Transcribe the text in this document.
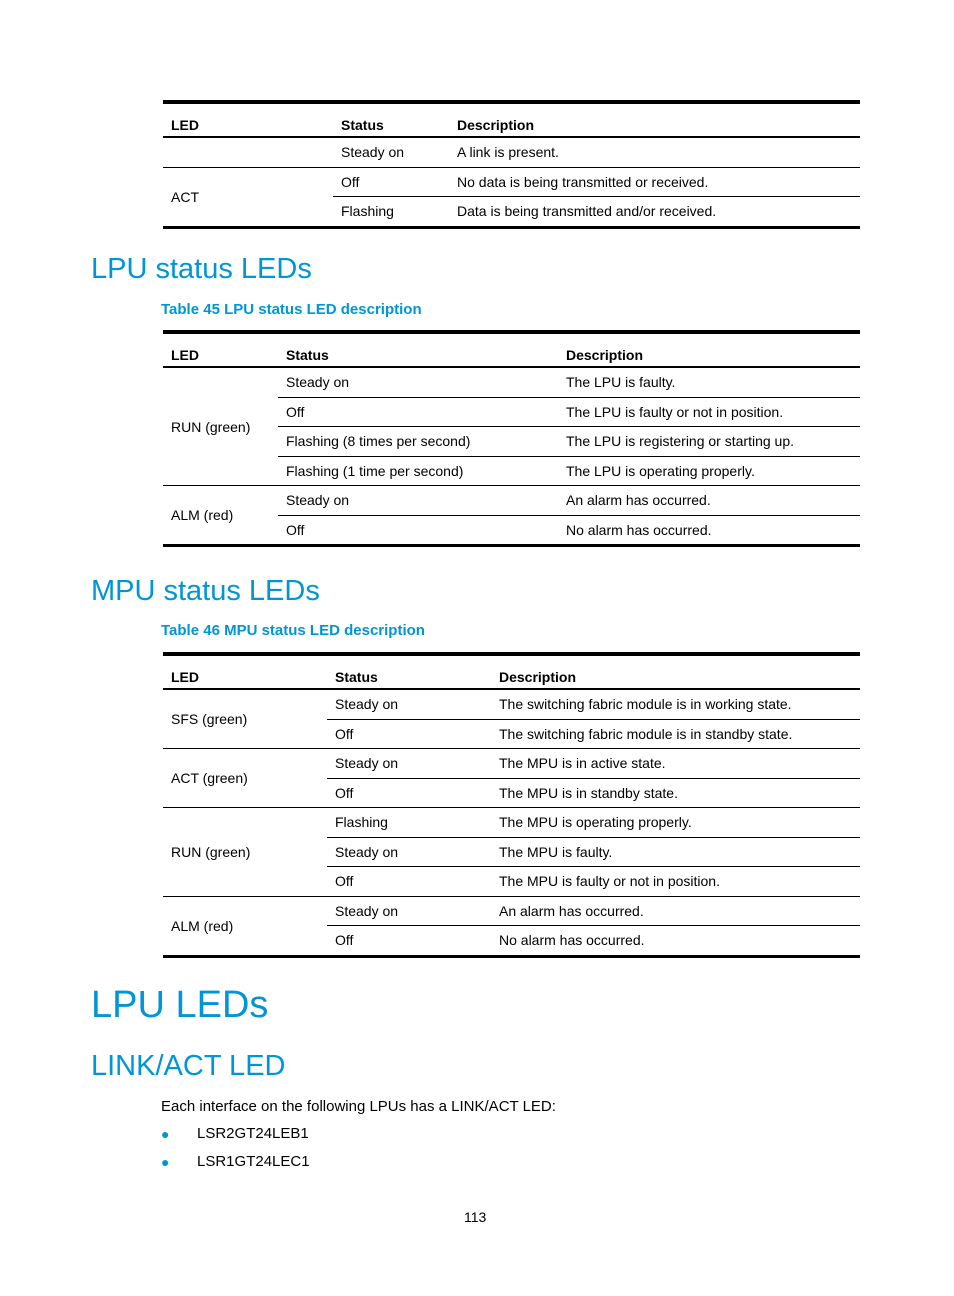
LED	Status	Description
	Steady on	A link is present.
ACT	Off	No data is being transmitted or received.
	Flashing	Data is being transmitted and/or received.
LPU status LEDs
Table 45 LPU status LED description
LED	Status	Description
RUN (green)	Steady on	The LPU is faulty.
	Off	The LPU is faulty or not in position.
	Flashing (8 times per second)	The LPU is registering or starting up.
	Flashing (1 time per second)	The LPU is operating properly.
ALM (red)	Steady on	An alarm has occurred.
	Off	No alarm has occurred.
MPU status LEDs
Table 46 MPU status LED description
LED	Status	Description
SFS (green)	Steady on	The switching fabric module is in working state.
	Off	The switching fabric module is in standby state.
ACT (green)	Steady on	The MPU is in active state.
	Off	The MPU is in standby state.
RUN (green)	Flashing	The MPU is operating properly.
	Steady on	The MPU is faulty.
	Off	The MPU is faulty or not in position.
ALM (red)	Steady on	An alarm has occurred.
	Off	No alarm has occurred.
LPU LEDs
LINK/ACT LED
Each interface on the following LPUs has a LINK/ACT LED:
● LSR2GT24LEB1
● LSR1GT24LEC1
113
